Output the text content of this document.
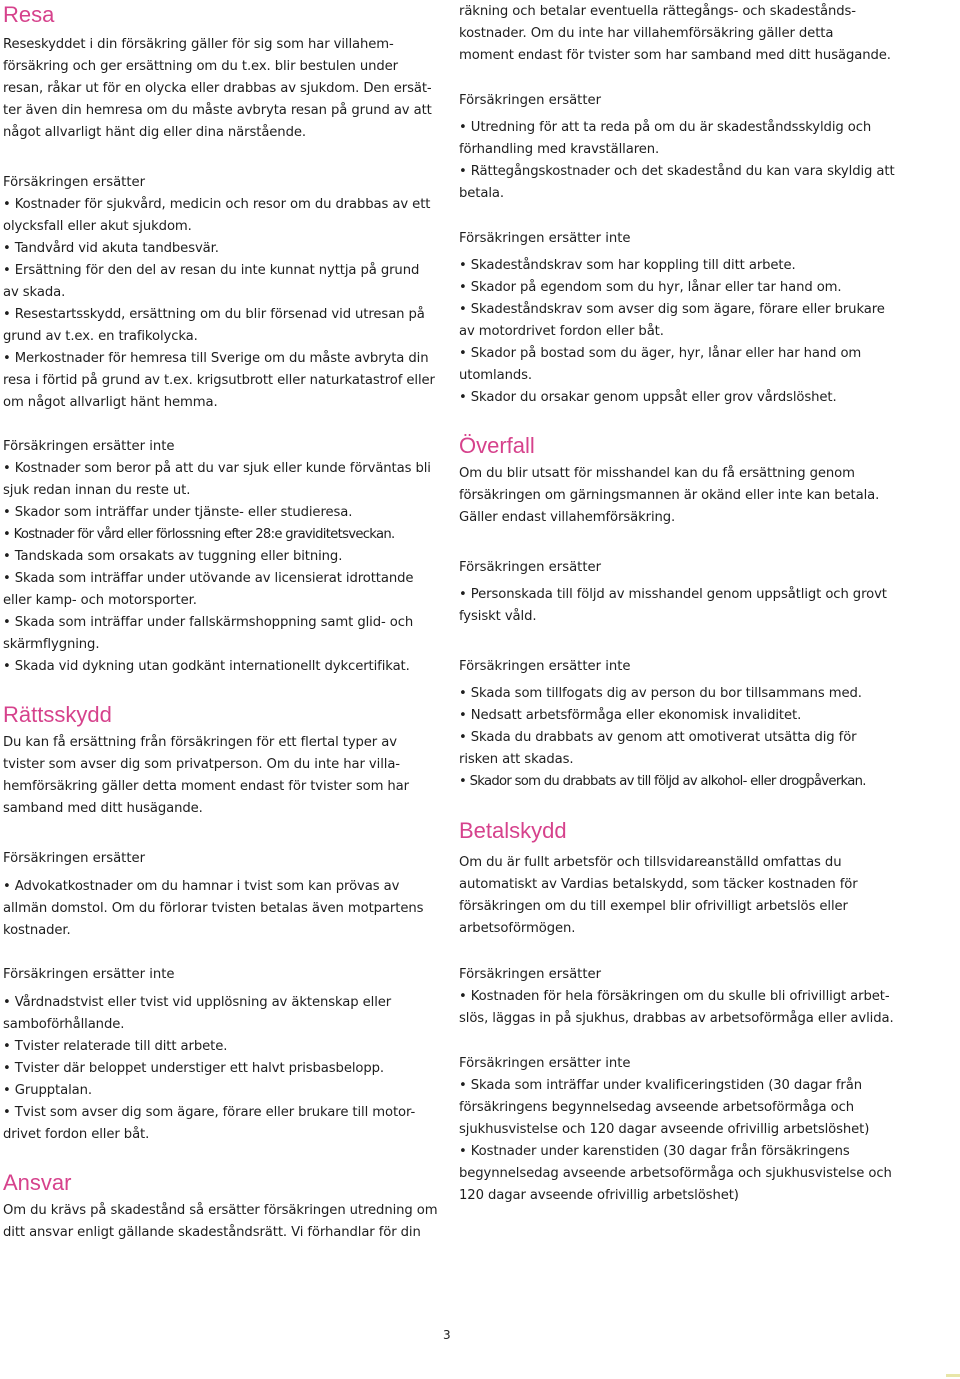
Resa

Reseskyddet i din försäkring gäller för sig som har villahem-

försäkring och ger ersättning om du t.ex. blir bestulen under

resan, råkar ut för en olycka eller drabbas av sjukdom. Den ersät-

ter även din hemresa om du måste avbryta resan på grund av att

något allvarligt hänt dig eller dina närstående.

Försäkringen ersätter

• Kostnader för sjukvård, medicin och resor om du drabbas av ett

olycksfall eller akut sjukdom.

• Tandvård vid akuta tandbesvär.

• Ersättning för den del av resan du inte kunnat nyttja på grund

av skada.

• Resestartsskydd, ersättning om du blir försenad vid utresan på

grund av t.ex. en trafikolycka.

• Merkostnader för hemresa till Sverige om du måste avbryta din

resa i förtid på grund av t.ex. krigsutbrott eller naturkatastrof eller

om något allvarligt hänt hemma.

Försäkringen ersätter inte

• Kostnader som beror på att du var sjuk eller kunde förväntas bli

sjuk redan innan du reste ut.

• Skador som inträffar under tjänste- eller studieresa.

• Kostnader för vård eller förlossning efter 28:e graviditetsveckan.

• Tandskada som orsakats av tuggning eller bitning.

• Skada som inträffar under utövande av licensierat idrottande

eller kamp- och motorsporter.

• Skada som inträffar under fallskärmshoppning samt glid- och

skärmflygning.

• Skada vid dykning utan godkänt internationellt dykcertifikat.

Rättsskydd

Du kan få ersättning från försäkringen för ett flertal typer av

tvister som avser dig som privatperson. Om du inte har villa-

hemförsäkring gäller detta moment endast för tvister som har

samband med ditt husägande.

Försäkringen ersätter

• Advokatkostnader om du hamnar i tvist som kan prövas av

allmän domstol. Om du förlorar tvisten betalas även motpartens

kostnader.

Försäkringen ersätter inte

• Vårdnadstvist eller tvist vid upplösning av äktenskap eller

samboförhållande.

• Tvister relaterade till ditt arbete.

• Tvister där beloppet understiger ett halvt prisbasbelopp.

• Grupptalan.

• Tvist som avser dig som ägare, förare eller brukare till motor-

drivet fordon eller båt.

Ansvar

Om du krävs på skadestånd så ersätter försäkringen utredning om

ditt ansvar enligt gällande skadeståndsrätt. Vi förhandlar för din

räkning och betalar eventuella rättegångs- och skadestånds-

kostnader. Om du inte har villahemförsäkring gäller detta

moment endast för tvister som har samband med ditt husägande.

Försäkringen ersätter

• Utredning för att ta reda på om du är skadeståndsskyldig och

förhandling med kravställaren.

• Rättegångskostnader och det skadestånd du kan vara skyldig att

betala.

Försäkringen ersätter inte

• Skadeståndskrav som har koppling till ditt arbete.

• Skador på egendom som du hyr, lånar eller tar hand om.

• Skadeståndskrav som avser dig som ägare, förare eller brukare

av motordrivet fordon eller båt.

• Skador på bostad som du äger, hyr, lånar eller har hand om

utomlands.

• Skador du orsakar genom uppsåt eller grov vårdslöshet.

Överfall

Om du blir utsatt för misshandel kan du få ersättning genom

försäkringen om gärningsmannen är okänd eller inte kan betala.

Gäller endast villahemförsäkring.

Försäkringen ersätter

• Personskada till följd av misshandel genom uppsåtligt och grovt

fysiskt våld.

Försäkringen ersätter inte

• Skada som tillfogats dig av person du bor tillsammans med.

• Nedsatt arbetsförmåga eller ekonomisk invaliditet.

• Skada du drabbats av genom att omotiverat utsätta dig för

risken att skadas.

• Skador som du drabbats av till följd av alkohol- eller drogpåverkan.

Betalskydd

Om du är fullt arbetsför och tillsvidareanställd omfattas du

automatiskt av Vardias betalskydd, som täcker kostnaden för

försäkringen om du till exempel blir ofrivilligt arbetslös eller

arbetsoförmögen.

Försäkringen ersätter

• Kostnaden för hela försäkringen om du skulle bli ofrivilligt arbet-

slös, läggas in på sjukhus, drabbas av arbetsoförmåga eller avlida.

Försäkringen ersätter inte

• Skada som inträffar under kvalificeringstiden (30 dagar från

försäkringens begynnelsedag avseende arbetsoförmåga och

sjukhusvistelse och 120 dagar avseende ofrivillig arbetslöshet)

• Kostnader under karenstiden (30 dagar från försäkringens

begynnelsedag avseende arbetsoförmåga och sjukhusvistelse och

120 dagar avseende ofrivillig arbetslöshet)

3
